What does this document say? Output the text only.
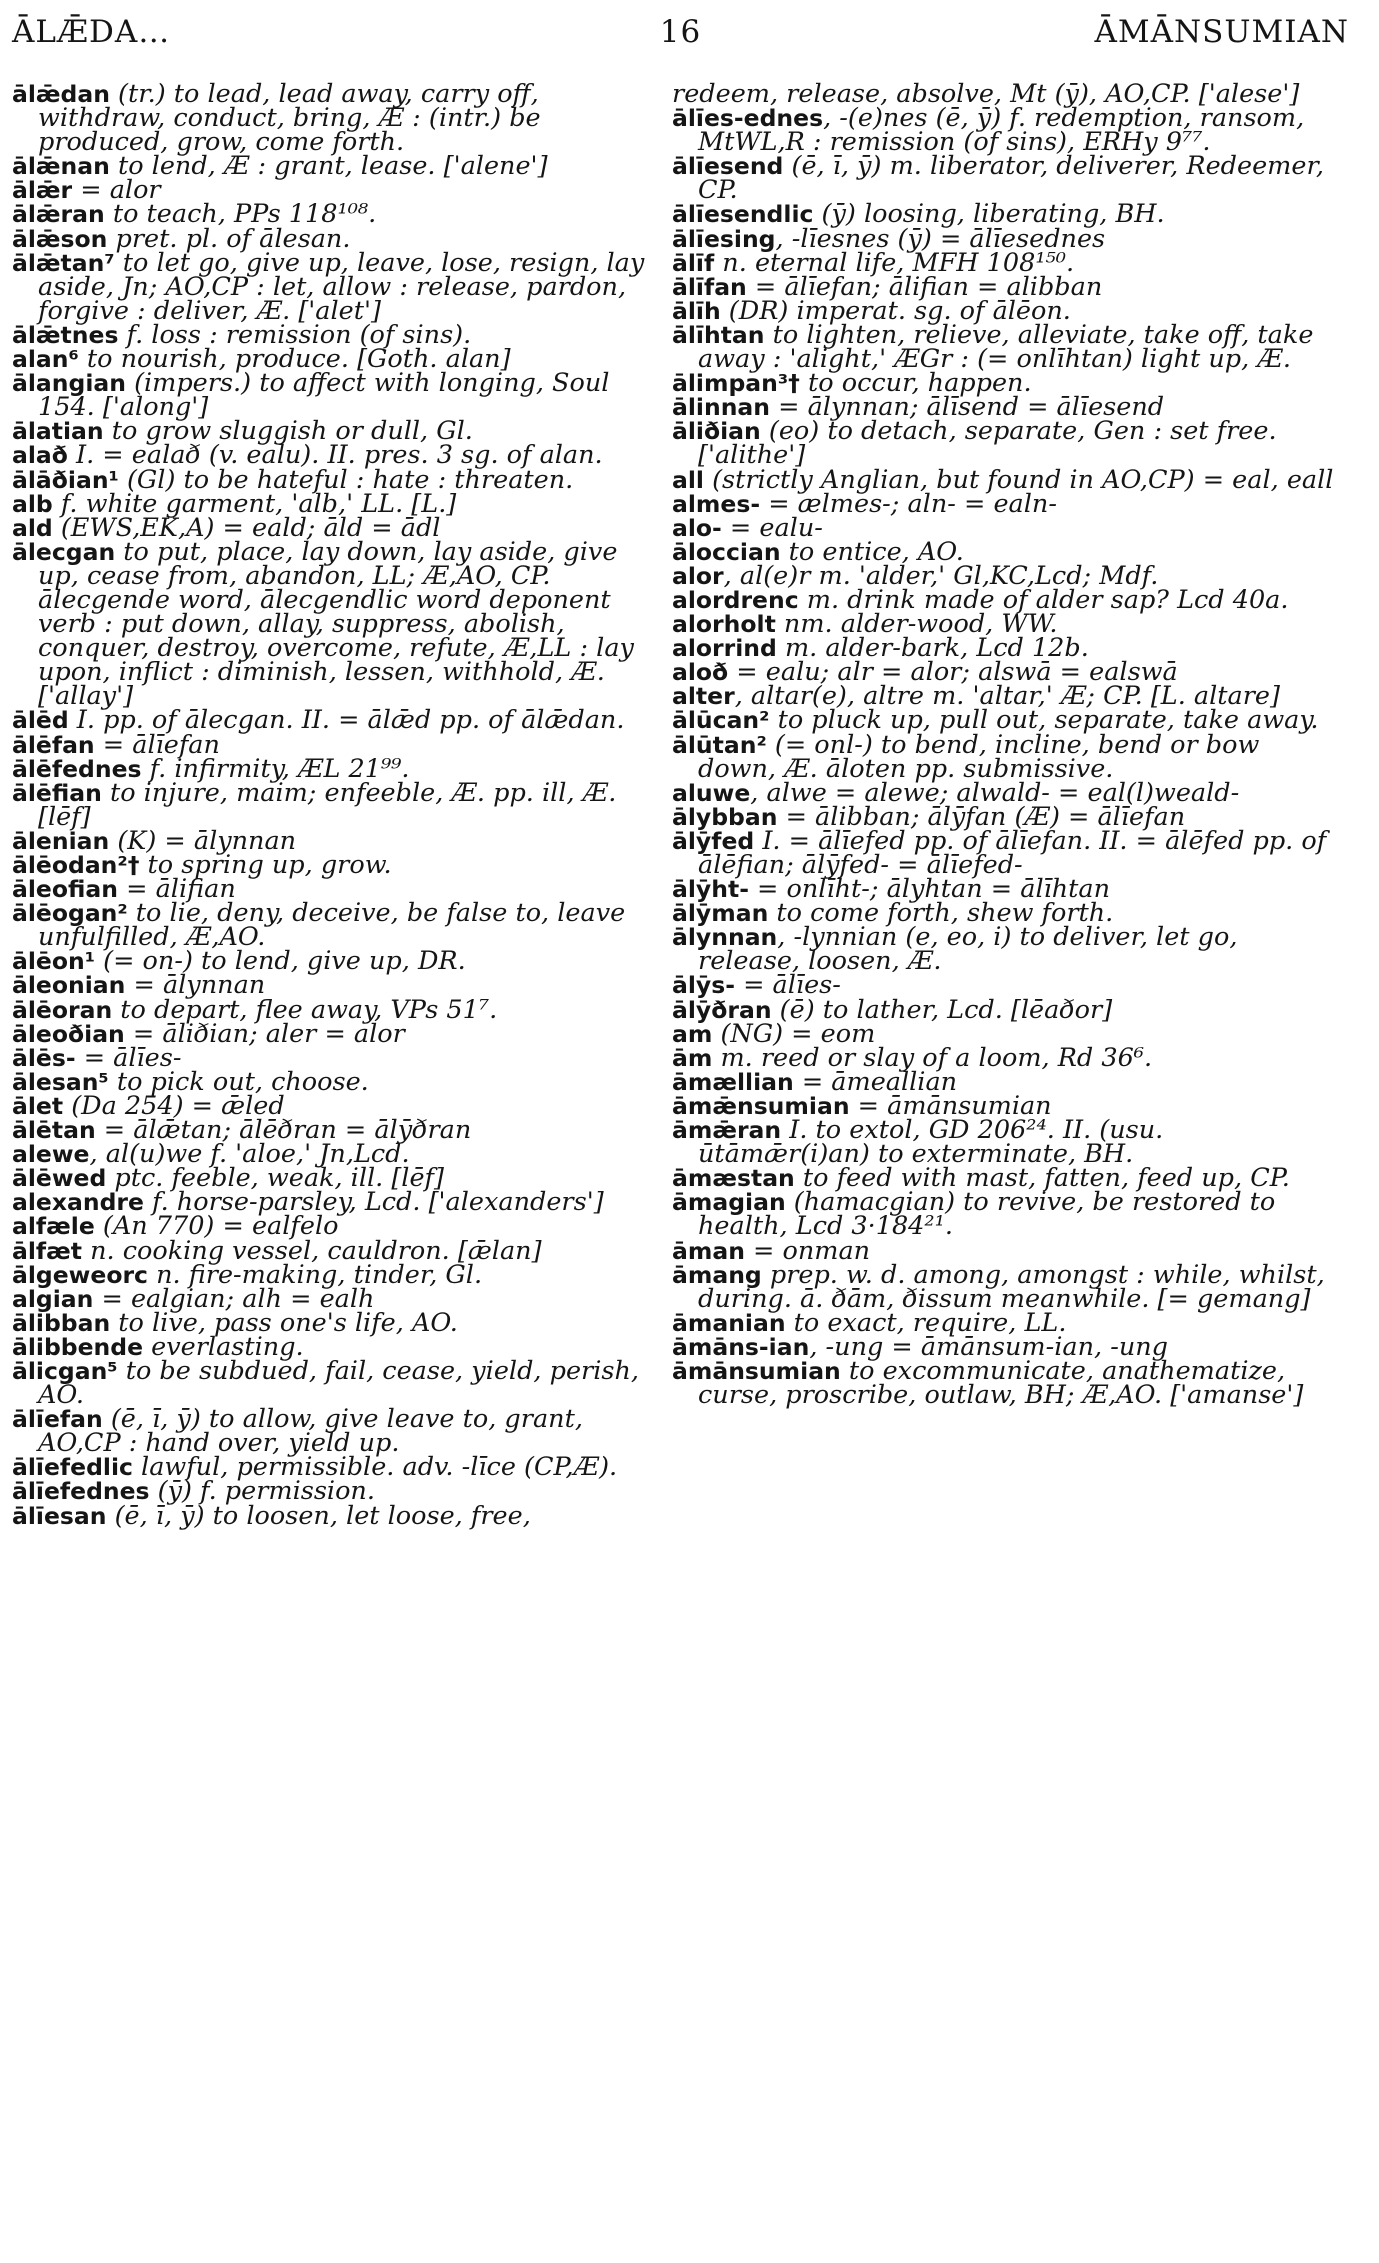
ĀLǢDA…	16	ĀMĀNSUMIAN
ālǣdan (tr.) to lead, lead away, carry off, withdraw, conduct, bring, Æ : (intr.) be produced, grow, come forth.
ālǣnan to lend, Æ : grant, lease. ['alene']
ālǣr = alor
ālǣran to teach, PPs 118¹⁰⁸.
ālǣson pret. pl. of ālesan.
ālǣtan⁷ to let go, give up, leave, lose, resign, lay aside, Jn; AO,CP : let, allow : release, pardon, forgive : deliver, Æ. ['alet']
ālǣtnes f. loss : remission (of sins).
alan⁶ to nourish, produce. [Goth. alan]
ālangian (impers.) to affect with longing, Soul 154. ['along']
ālatian to grow sluggish or dull, Gl.
alað I. = ealað (v. ealu). II. pres. 3 sg. of alan.
ālāðian¹ (Gl) to be hateful : hate : threaten.
alb f. white garment, 'alb,' LL. [L.]
ald (EWS,EK,A) = eald; āld = ādl
ālecgan to put, place, lay down, lay aside, give up, cease from, abandon, LL; Æ,AO, CP. ālecgende word, ālecgendlic word deponent verb : put down, allay, suppress, abolish, conquer, destroy, overcome, refute, Æ,LL : lay upon, inflict : diminish, lessen, withhold, Æ. ['allay']
ālēd I. pp. of ālecgan. II. = ālǣd pp. of ālǣdan.
ālēfan = ālīefan
ālēfednes f. infirmity, ÆL 21⁹⁹.
ālēfian to injure, maim; enfeeble, Æ. pp. ill, Æ. [lēf]
ālenian (K) = ālynnan
ālēodan²† to spring up, grow.
āleofian = ālifian
ālēogan² to lie, deny, deceive, be false to, leave unfulfilled, Æ,AO.
ālēon¹ (= on-) to lend, give up, DR.
āleonian = ālynnan
ālēoran to depart, flee away, VPs 51⁷.
āleoðian = āliðian; aler = alor
ālēs- = ālīes-
ālesan⁵ to pick out, choose.
ālet (Da 254) = ǣled
ālētan = ālǣtan; ālēðran = ālȳðran
alewe, al(u)we f. 'aloe,' Jn,Lcd.
ālēwed ptc. feeble, weak, ill. [lēf]
alexandre f. horse-parsley, Lcd. ['alexanders']
alfæle (An 770) = ealfelo
ālfæt n. cooking vessel, cauldron. [ǣlan]
ālgeweorc n. fire-making, tinder, Gl.
algian = ealgian; alh = ealh
ālibban to live, pass one's life, AO.
ālibbende everlasting.
ālicgan⁵ to be subdued, fail, cease, yield, perish, AO.
ālīefan (ē, ī, ȳ) to allow, give leave to, grant, AO,CP : hand over, yield up.
ālīefedlic lawful, permissible. adv. -līce (CP,Æ).
ālīefednes (ȳ) f. permission.
ālīesan (ē, ī, ȳ) to loosen, let loose, free,
redeem, release, absolve, Mt (ȳ), AO,CP. ['alese']
ālīes-ednes, -(e)nes (ē, ȳ) f. redemption, ransom, MtWL,R : remission (of sins), ERHy 9⁷⁷.
ālīesend (ē, ī, ȳ) m. liberator, deliverer, Redeemer, CP.
ālīesendlic (ȳ) loosing, liberating, BH.
ālīesing, -līesnes (ȳ) = ālīesednes
ālīf n. eternal life, MFH 108¹⁵⁰.
ālīfan = ālīefan; ālifian = alibban
ālīh (DR) imperat. sg. of ālēon.
ālīhtan to lighten, relieve, alleviate, take off, take away : 'alight,' ÆGr : (= onlīhtan) light up, Æ.
ālimpan³† to occur, happen.
ālinnan = ālynnan; ālīsend = ālīesend
āliðian (eo) to detach, separate, Gen : set free. ['alithe']
all (strictly Anglian, but found in AO,CP) = eal, eall
almes- = ælmes-; aln- = ealn-
alo- = ealu-
āloccian to entice, AO.
alor, al(e)r m. 'alder,' Gl,KC,Lcd; Mdf.
alordrenc m. drink made of alder sap? Lcd 40a.
alorholt nm. alder-wood, WW.
alorrind m. alder-bark, Lcd 12b.
aloð = ealu; alr = alor; alswā = ealswā
alter, altar(e), altre m. 'altar,' Æ; CP. [L. altare]
ālūcan² to pluck up, pull out, separate, take away.
ālūtan² (= onl-) to bend, incline, bend or bow down, Æ. āloten pp. submissive.
aluwe, alwe = alewe; alwald- = eal(l)weald-
ālybban = ālibban; ālȳfan (Æ) = ālīefan
ālȳfed I. = ālīefed pp. of ālīefan. II. = ālēfed pp. of ālēfian; ālȳfed- = ālīefed-
ālȳht- = onlīht-; ālyhtan = ālīhtan
ālȳman to come forth, shew forth.
ālynnan, -lynnian (e, eo, i) to deliver, let go, release, loosen, Æ.
ālȳs- = ālīes-
ālȳðran (ē) to lather, Lcd. [lēaðor]
am (NG) = eom
ām m. reed or slay of a loom, Rd 36⁶.
āmællian = āmeallian
āmǣnsumian = āmānsumian
āmǣran I. to extol, GD 206²⁴. II. (usu. ūtāmǣr(i)an) to exterminate, BH.
āmæstan to feed with mast, fatten, feed up, CP.
āmagian (hamacgian) to revive, be restored to health, Lcd 3·184²¹.
āman = onman
āmang prep. w. d. among, amongst : while, whilst, during. ā. ðām, ðissum meanwhile. [= gemang]
āmanian to exact, require, LL.
āmāns-ian, -ung = āmānsum-ian, -ung
āmānsumian to excommunicate, anathematize, curse, proscribe, outlaw, BH; Æ,AO. ['amanse']
